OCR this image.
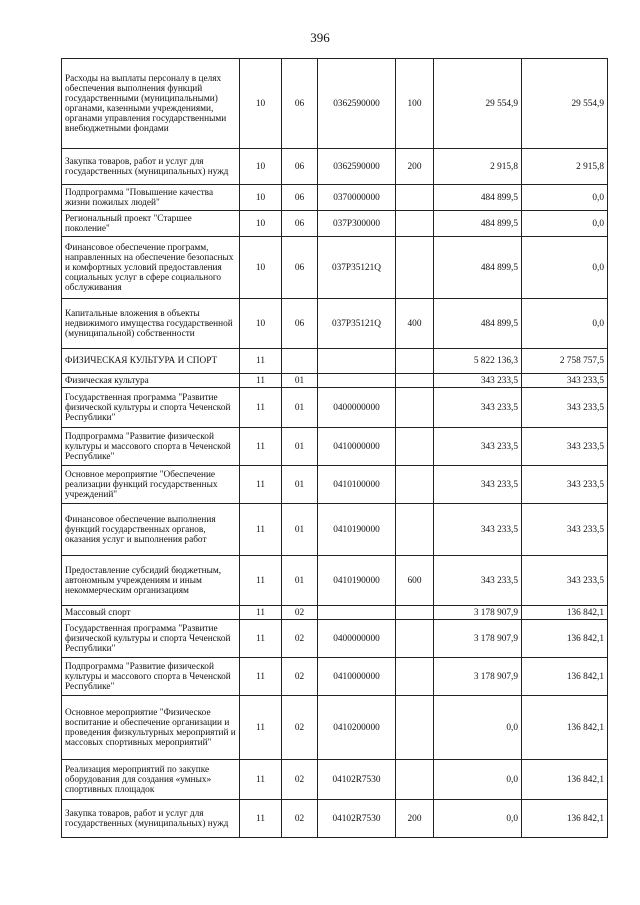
396
Расходы на выплаты персоналу в целях обеспечения выполнения функций государственными (муниципальными) органами, казенными учреждениями, органами управления государственными внебюджетными фондами	10	06	0362590000	100	29 554,9	29 554,9
Закупка товаров, работ и услуг для государственных (муниципальных) нужд	10	06	0362590000	200	2 915,8	2 915,8
Подпрограмма "Повышение качества жизни пожилых людей"	10	06	0370000000		484 899,5	0,0
Региональный проект "Старшее поколение"	10	06	037P300000		484 899,5	0,0
Финансовое обеспечение программ, направленных на обеспечение безопасных и комфортных условий предоставления социальных услуг в сфере социального обслуживания	10	06	037P35121Q		484 899,5	0,0
Капитальные вложения в объекты недвижимого имущества государственной (муниципальной) собственности	10	06	037P35121Q	400	484 899,5	0,0
ФИЗИЧЕСКАЯ КУЛЬТУРА И СПОРТ	11				5 822 136,3	2 758 757,5
Физическая культура	11	01			343 233,5	343 233,5
Государственная программа "Развитие физической культуры и спорта Чеченской Республики"	11	01	0400000000		343 233,5	343 233,5
Подпрограмма "Развитие физической культуры и массового спорта в Чеченской Республике"	11	01	0410000000		343 233,5	343 233,5
Основное мероприятие "Обеспечение реализации функций государственных учреждений"	11	01	0410100000		343 233,5	343 233,5
Финансовое обеспечение выполнения функций государственных органов, оказания услуг и выполнения работ	11	01	0410190000		343 233,5	343 233,5
Предоставление субсидий бюджетным, автономным учреждениям и иным некоммерческим организациям	11	01	0410190000	600	343 233,5	343 233,5
Массовый спорт	11	02			3 178 907,9	136 842,1
Государственная программа "Развитие физической культуры и спорта Чеченской Республики"	11	02	0400000000		3 178 907,9	136 842,1
Подпрограмма "Развитие физической культуры и массового спорта в Чеченской Республике"	11	02	0410000000		3 178 907,9	136 842,1
Основное мероприятие "Физическое воспитание и обеспечение организации и проведения физкультурных мероприятий и массовых спортивных мероприятий"	11	02	0410200000		0,0	136 842,1
Реализация мероприятий по закупке оборудования для создания «умных» спортивных площадок	11	02	04102R7530		0,0	136 842,1
Закупка товаров, работ и услуг для государственных (муниципальных) нужд	11	02	04102R7530	200	0,0	136 842,1
